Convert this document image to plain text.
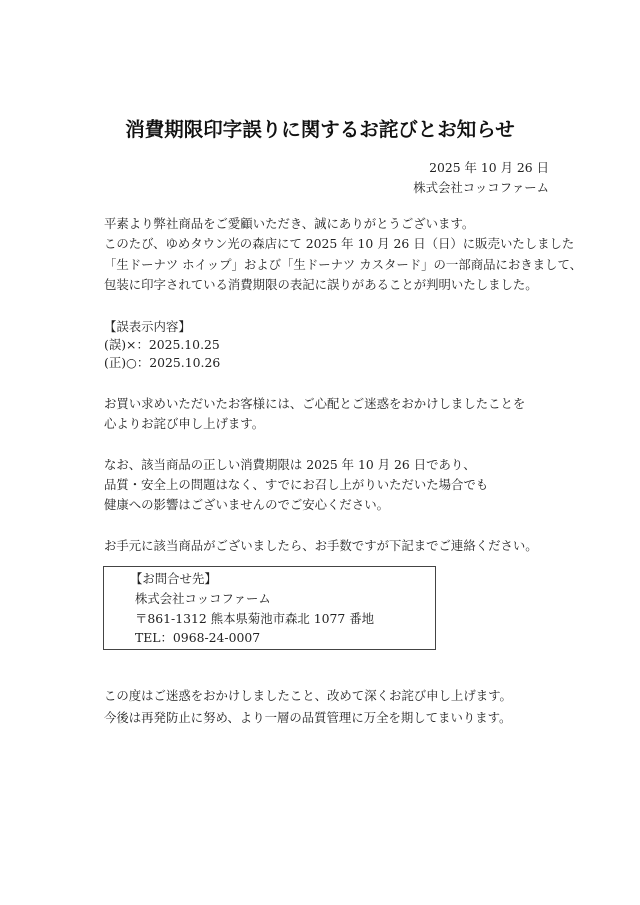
消費期限印字誤りに関するお詫びとお知らせ
2025 年 10 月 26 日
株式会社コッコファーム
平素より弊社商品をご愛顧いただき、誠にありがとうございます。
このたび、ゆめタウン光の森店にて 2025 年 10 月 26 日（日）に販売いたしました
「生ドーナツ ホイップ」および「生ドーナツ カスタード」の一部商品におきまして、
包装に印字されている消費期限の表記に誤りがあることが判明いたしました。
【誤表示内容】
(誤)×：2025.10.25
(正)○：2025.10.26
お買い求めいただいたお客様には、ご心配とご迷惑をおかけしましたことを
心よりお詫び申し上げます。
なお、該当商品の正しい消費期限は 2025 年 10 月 26 日であり、
品質・安全上の問題はなく、すでにお召し上がりいただいた場合でも
健康への影響はございませんのでご安心ください。
お手元に該当商品がございましたら、お手数ですが下記までご連絡ください。
【お問合せ先】
株式会社コッコファーム
〒861-1312 熊本県菊池市森北 1077 番地
TEL：0968-24-0007
この度はご迷惑をおかけしましたこと、改めて深くお詫び申し上げます。
今後は再発防止に努め、より一層の品質管理に万全を期してまいります。
